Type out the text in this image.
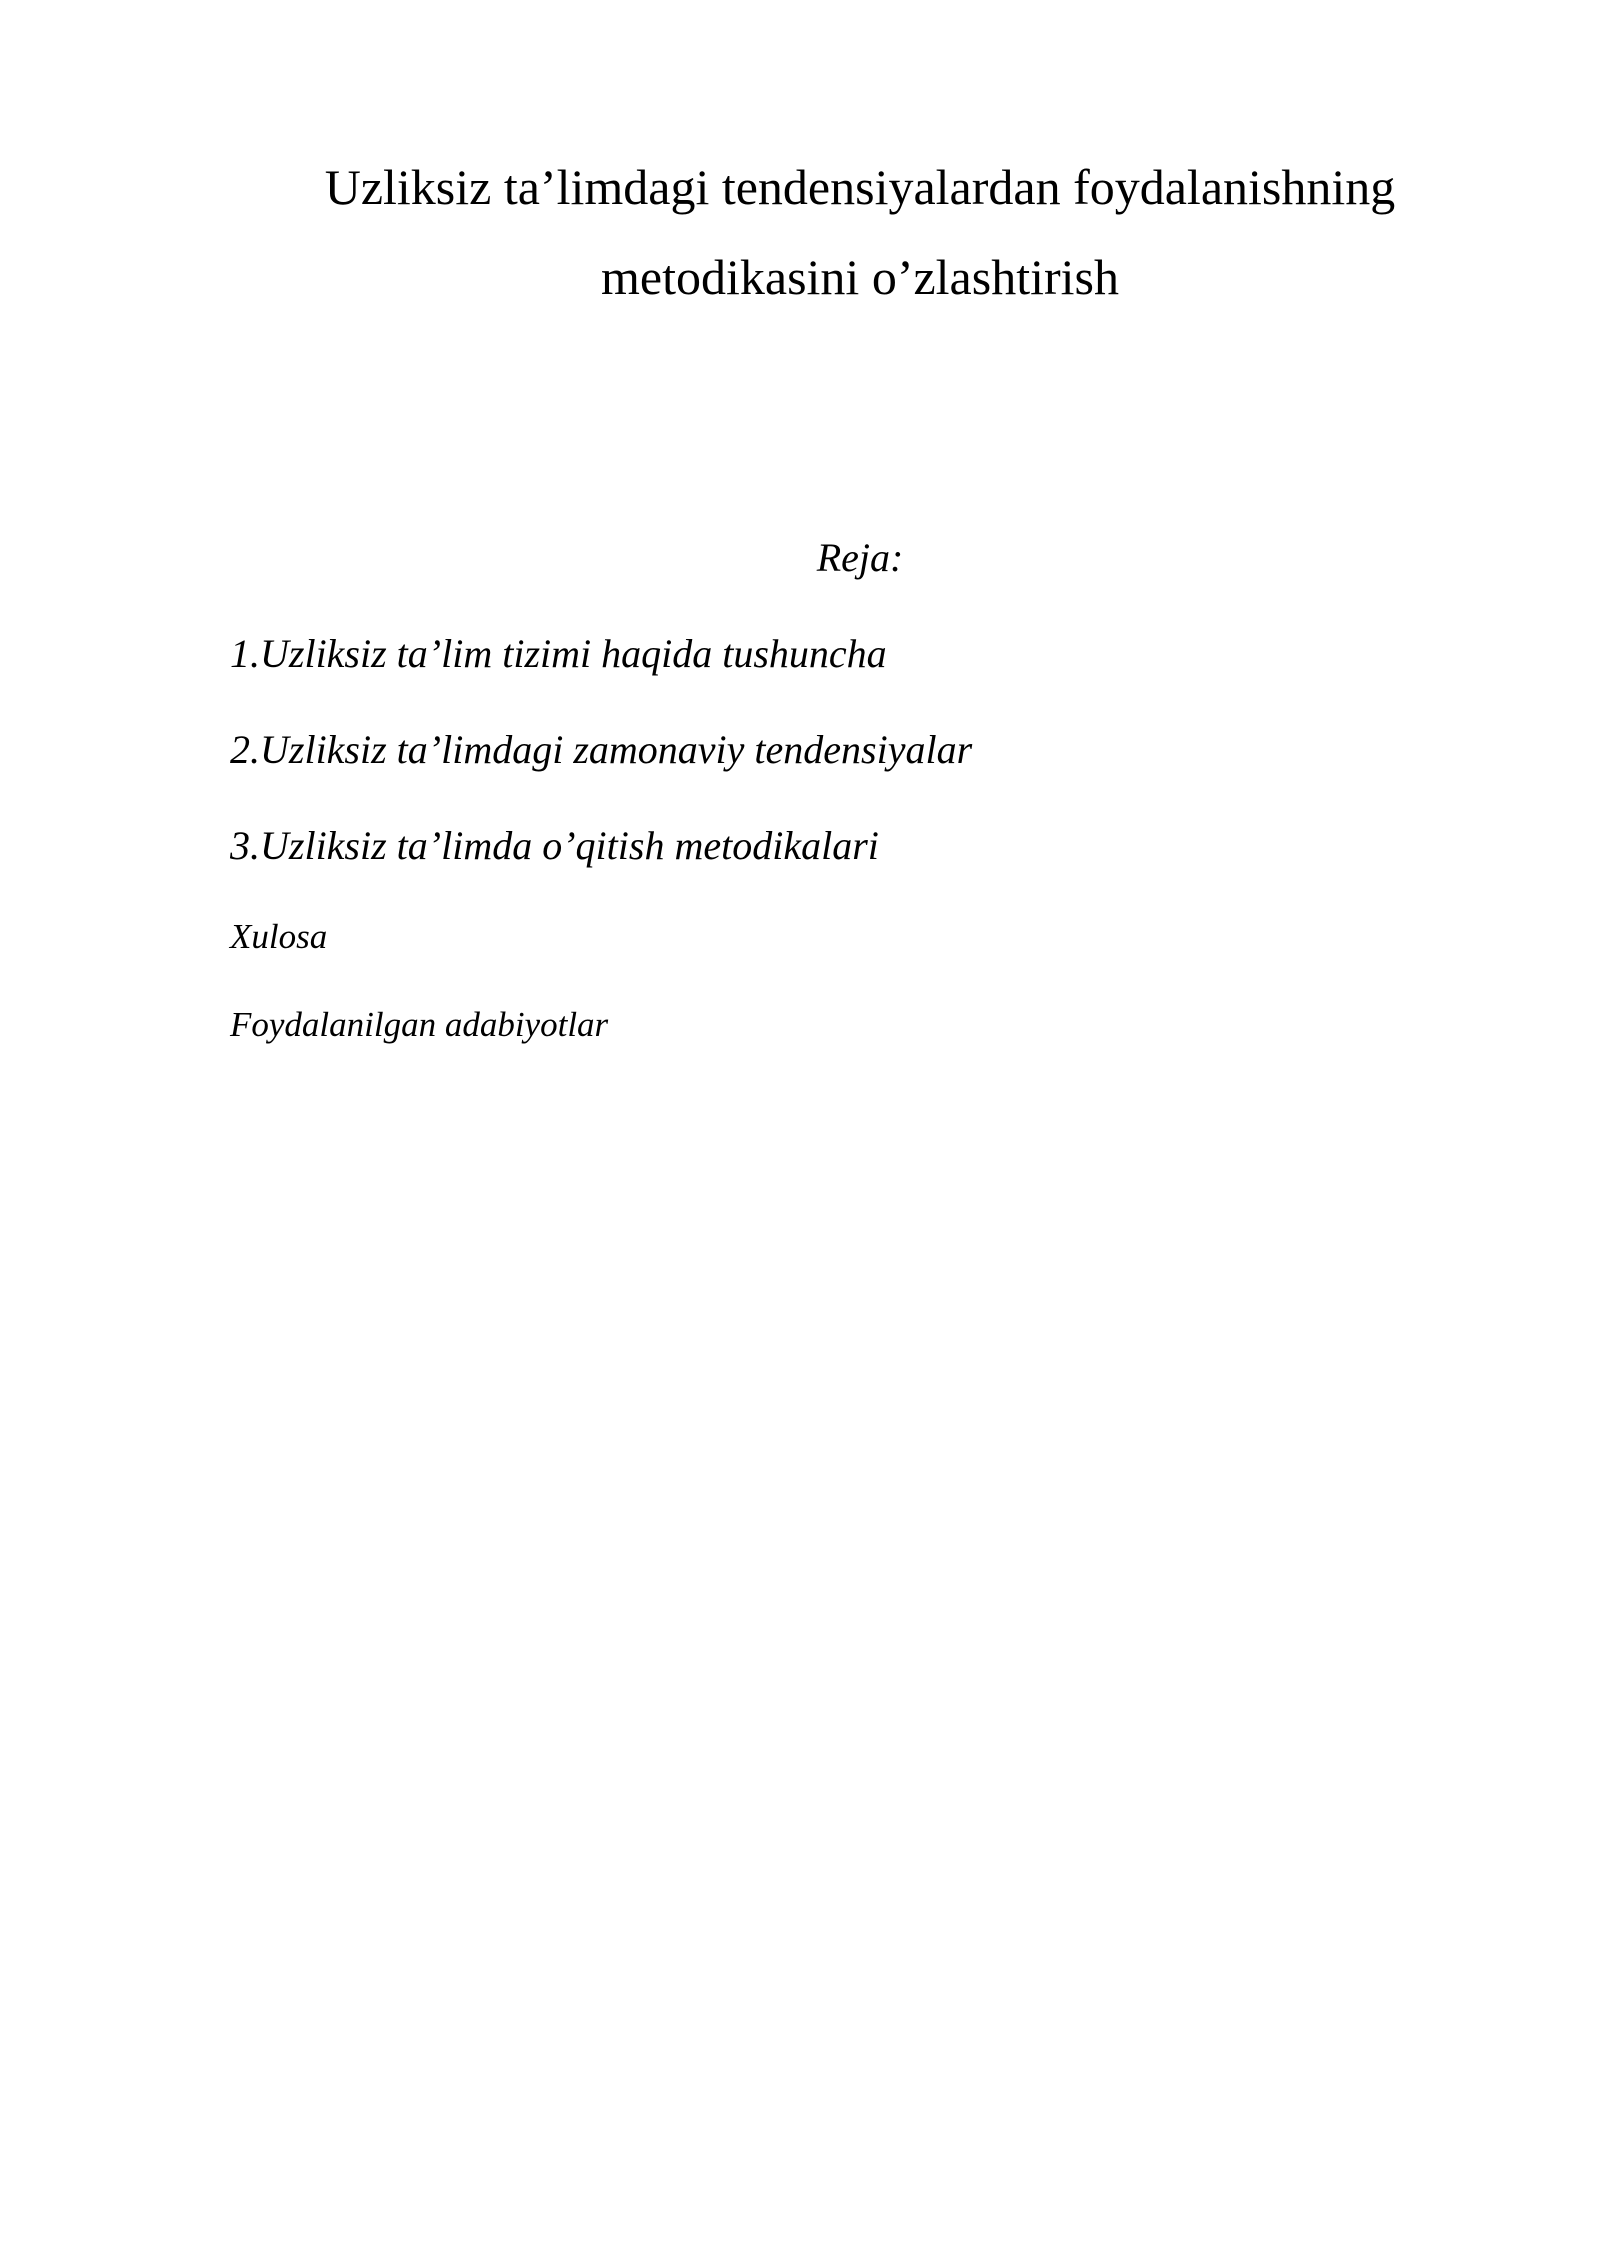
Uzliksiz ta’limdagi tendensiyalardan foydalanishning
metodikasini o’zlashtirish
Reja:
1.Uzliksiz ta’lim tizimi haqida tushuncha
2.Uzliksiz ta’limdagi zamonaviy tendensiyalar
3.Uzliksiz ta’limda o’qitish metodikalari
Xulosa
Foydalanilgan adabiyotlar
